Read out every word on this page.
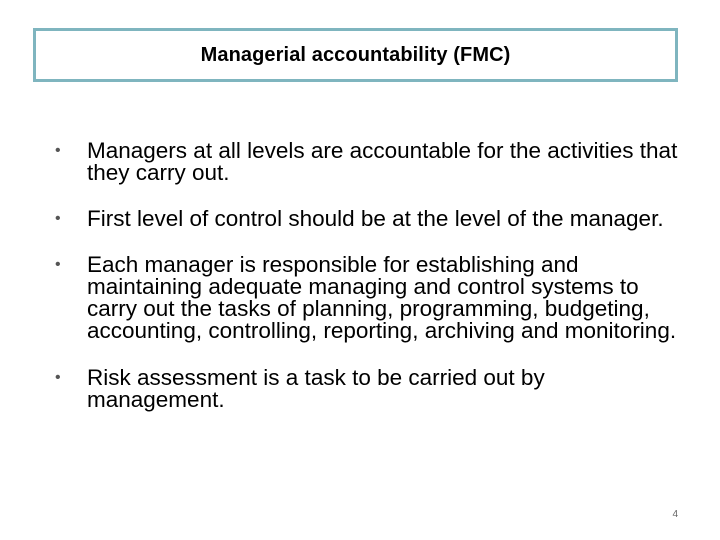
Managerial accountability (FMC)
• Managers at all levels are accountable for the activities that they carry out.
• First level of control should be at the level of the manager.
• Each manager is responsible for establishing and maintaining adequate managing and control systems to carry out the tasks of planning, programming, budgeting, accounting, controlling, reporting, archiving and monitoring.
• Risk assessment is a task to be carried out by management.
4
